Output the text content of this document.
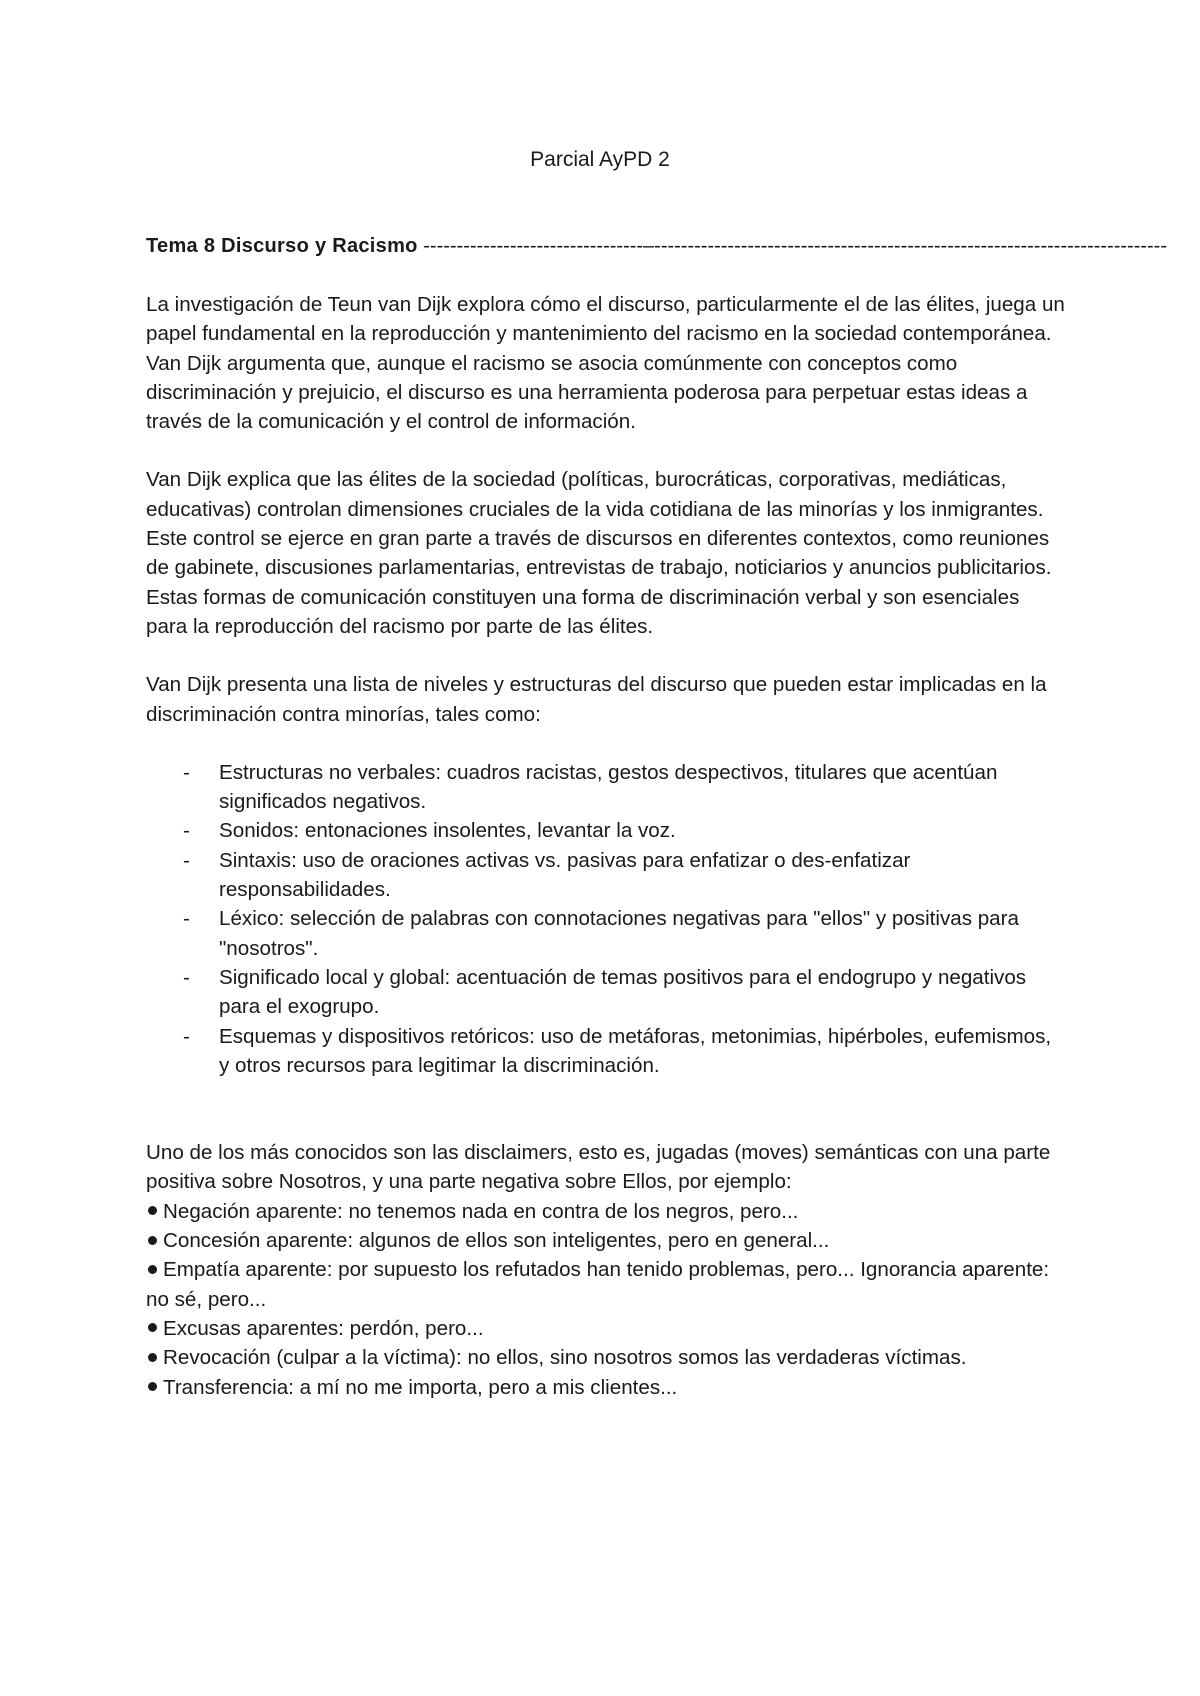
Parcial AyPD 2
Tema 8 Discurso y Racismo ---------------------------------–-----------------------------------------------------------------------------

La investigación de Teun van Dijk explora cómo el discurso, particularmente el de las élites, juega un papel fundamental en la reproducción y mantenimiento del racismo en la sociedad contemporánea. Van Dijk argumenta que, aunque el racismo se asocia comúnmente con conceptos como discriminación y prejuicio, el discurso es una herramienta poderosa para perpetuar estas ideas a través de la comunicación y el control de información.

Van Dijk explica que las élites de la sociedad (políticas, burocráticas, corporativas, mediáticas, educativas) controlan dimensiones cruciales de la vida cotidiana de las minorías y los inmigrantes. Este control se ejerce en gran parte a través de discursos en diferentes contextos, como reuniones de gabinete, discusiones parlamentarias, entrevistas de trabajo, noticiarios y anuncios publicitarios. Estas formas de comunicación constituyen una forma de discriminación verbal y son esenciales para la reproducción del racismo por parte de las élites.

Van Dijk presenta una lista de niveles y estructuras del discurso que pueden estar implicadas en la discriminación contra minorías, tales como:

- Estructuras no verbales: cuadros racistas, gestos despectivos, titulares que acentúan significados negativos.
- Sonidos: entonaciones insolentes, levantar la voz.
- Sintaxis: uso de oraciones activas vs. pasivas para enfatizar o des-enfatizar responsabilidades.
- Léxico: selección de palabras con connotaciones negativas para "ellos" y positivas para "nosotros".
- Significado local y global: acentuación de temas positivos para el endogrupo y negativos para el exogrupo.
- Esquemas y dispositivos retóricos: uso de metáforas, metonimias, hipérboles, eufemismos, y otros recursos para legitimar la discriminación.

Uno de los más conocidos son las disclaimers, esto es, jugadas (moves) semánticas con una parte positiva sobre Nosotros, y una parte negativa sobre Ellos, por ejemplo:

Negación aparente: no tenemos nada en contra de los negros, pero...
Concesión aparente: algunos de ellos son inteligentes, pero en general...
Empatía aparente: por supuesto los refutados han tenido problemas, pero... Ignorancia aparente: no sé, pero...
Excusas aparentes: perdón, pero...
Revocación (culpar a la víctima): no ellos, sino nosotros somos las verdaderas víctimas.
Transferencia: a mí no me importa, pero a mis clientes...
